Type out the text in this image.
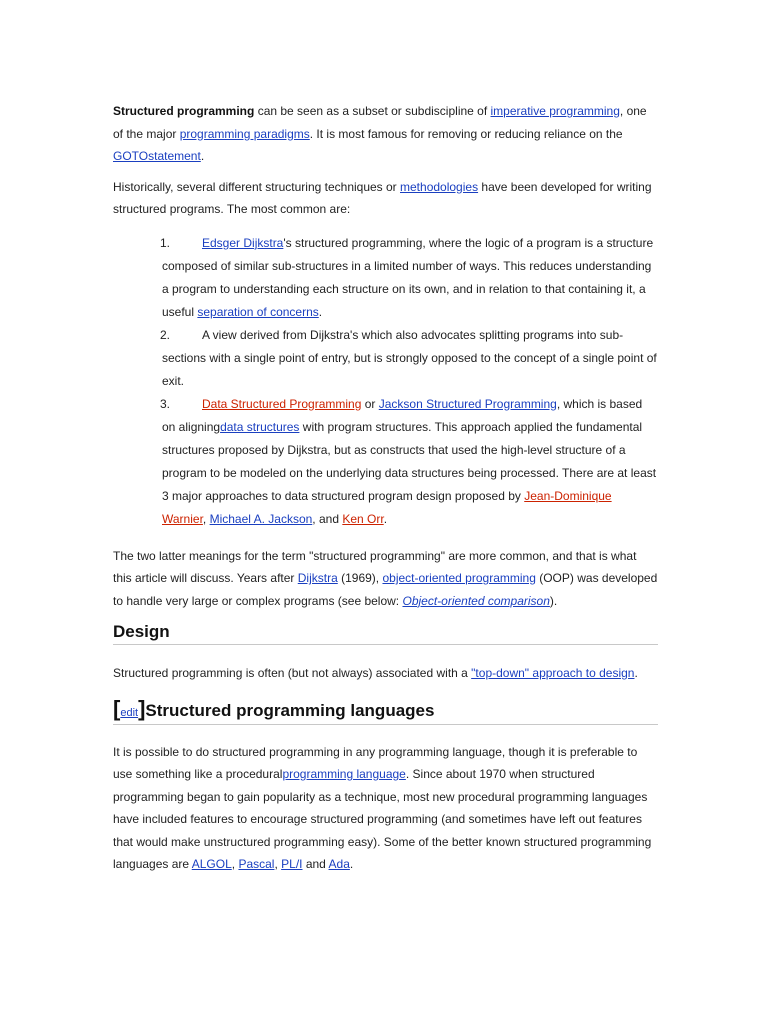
Structured programming can be seen as a subset or subdiscipline of imperative programming, one of the major programming paradigms. It is most famous for removing or reducing reliance on the GOTOstatement.

Historically, several different structuring techniques or methodologies have been developed for writing structured programs. The most common are:

1.	Edsger Dijkstra's structured programming, where the logic of a program is a structure composed of similar sub-structures in a limited number of ways. This reduces understanding a program to understanding each structure on its own, and in relation to that containing it, a useful separation of concerns.
2.	A view derived from Dijkstra's which also advocates splitting programs into sub-sections with a single point of entry, but is strongly opposed to the concept of a single point of exit.
3.	Data Structured Programming or Jackson Structured Programming, which is based on aligningdata structures with program structures. This approach applied the fundamental structures proposed by Dijkstra, but as constructs that used the high-level structure of a program to be modeled on the underlying data structures being processed. There are at least 3 major approaches to data structured program design proposed by Jean-Dominique Warnier, Michael A. Jackson, and Ken Orr.

The two latter meanings for the term "structured programming" are more common, and that is what this article will discuss. Years after Dijkstra (1969), object-oriented programming (OOP) was developed to handle very large or complex programs (see below: Object-oriented comparison).

Design

Structured programming is often (but not always) associated with a "top-down" approach to design.

[edit]Structured programming languages

It is possible to do structured programming in any programming language, though it is preferable to use something like a proceduralprogramming language. Since about 1970 when structured programming began to gain popularity as a technique, most new procedural programming languages have included features to encourage structured programming (and sometimes have left out features that would make unstructured programming easy). Some of the better known structured programming languages are ALGOL, Pascal, PL/I and Ada.
